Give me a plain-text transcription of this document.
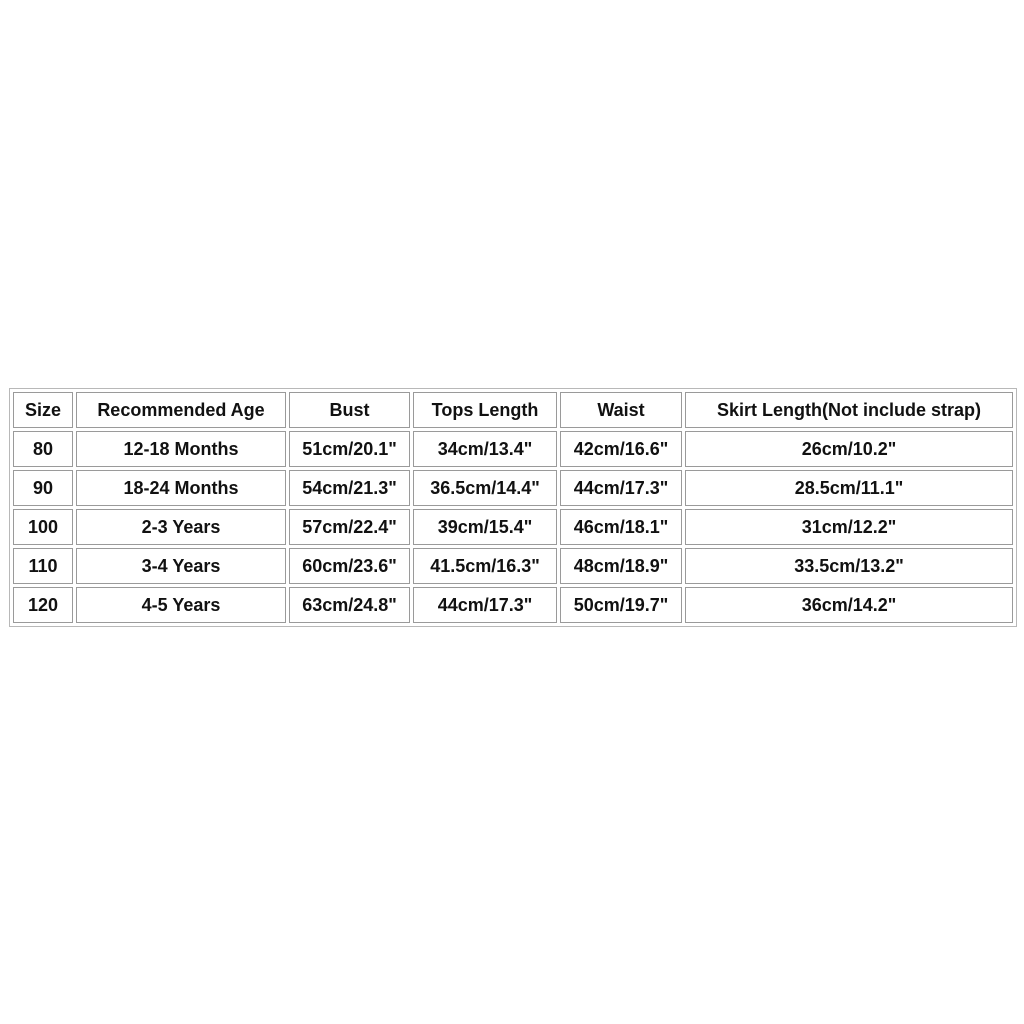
Size	Recommended Age	Bust	Tops Length	Waist	Skirt Length(Not include strap)
80	12-18 Months	51cm/20.1"	34cm/13.4"	42cm/16.6"	26cm/10.2"
90	18-24 Months	54cm/21.3"	36.5cm/14.4"	44cm/17.3"	28.5cm/11.1"
100	2-3 Years	57cm/22.4"	39cm/15.4"	46cm/18.1"	31cm/12.2"
110	3-4 Years	60cm/23.6"	41.5cm/16.3"	48cm/18.9"	33.5cm/13.2"
120	4-5 Years	63cm/24.8"	44cm/17.3"	50cm/19.7"	36cm/14.2"
